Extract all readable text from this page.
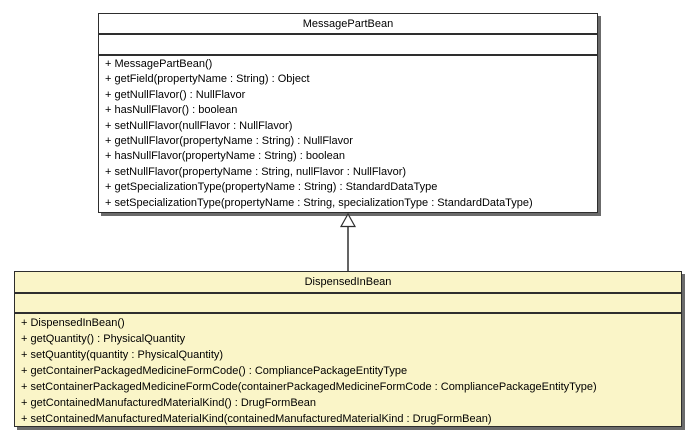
MessagePartBean
+ MessagePartBean()
+ getField(propertyName : String) : Object
+ getNullFlavor() : NullFlavor
+ hasNullFlavor() : boolean
+ setNullFlavor(nullFlavor : NullFlavor)
+ getNullFlavor(propertyName : String) : NullFlavor
+ hasNullFlavor(propertyName : String) : boolean
+ setNullFlavor(propertyName : String, nullFlavor : NullFlavor)
+ getSpecializationType(propertyName : String) : StandardDataType
+ setSpecializationType(propertyName : String, specializationType : StandardDataType)
DispensedInBean
+ DispensedInBean()
+ getQuantity() : PhysicalQuantity
+ setQuantity(quantity : PhysicalQuantity)
+ getContainerPackagedMedicineFormCode() : CompliancePackageEntityType
+ setContainerPackagedMedicineFormCode(containerPackagedMedicineFormCode : CompliancePackageEntityType)
+ getContainedManufacturedMaterialKind() : DrugFormBean
+ setContainedManufacturedMaterialKind(containedManufacturedMaterialKind : DrugFormBean)
